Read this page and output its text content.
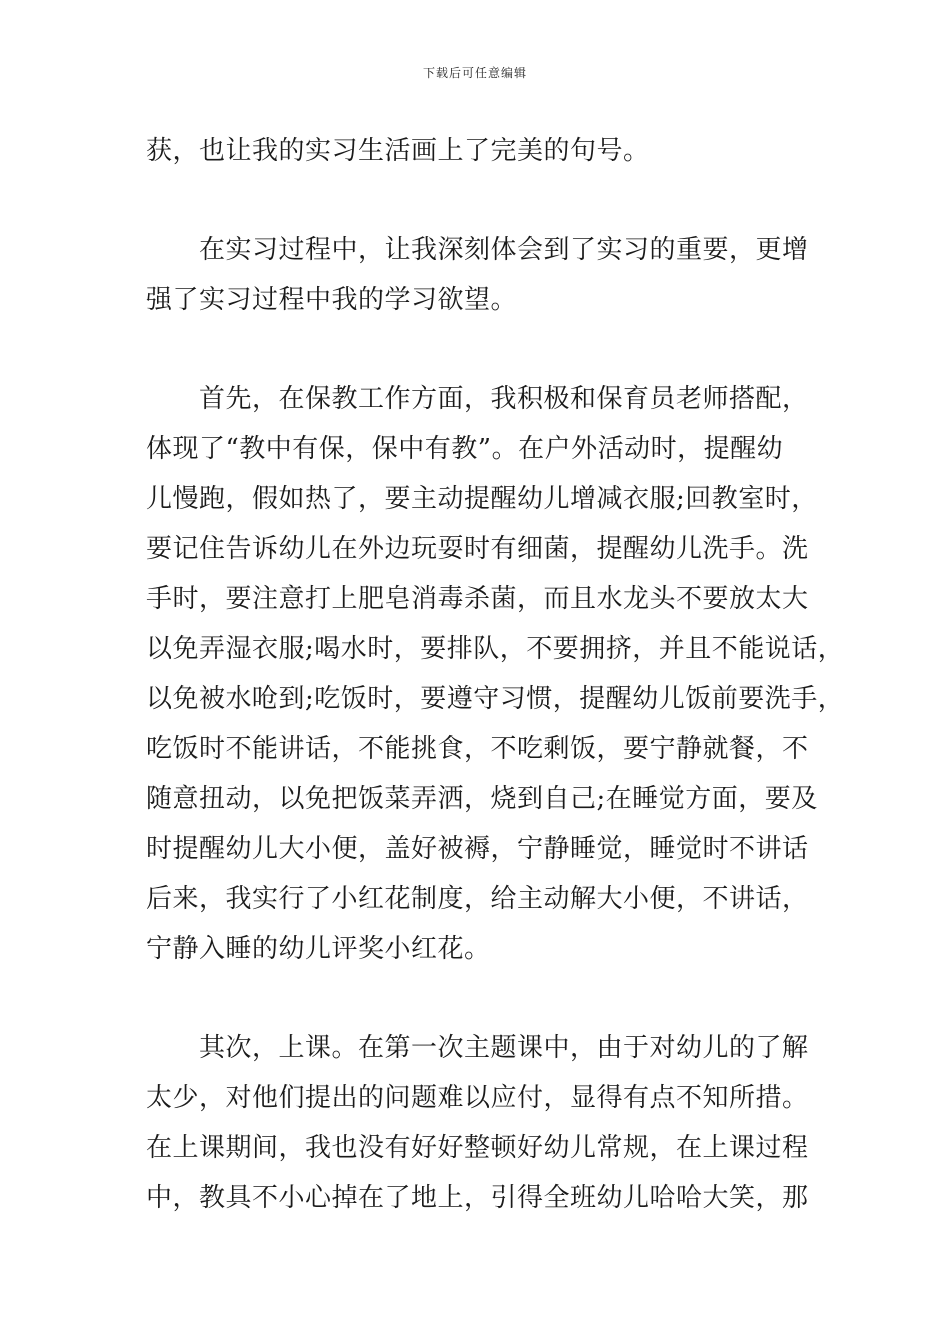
下载后可任意编辑
获，也让我的实习生活画上了完美的句号。
在实习过程中，让我深刻体会到了实习的重要，更增
强了实习过程中我的学习欲望。
首先，在保教工作方面，我积极和保育员老师搭配，
体现了“教中有保，保中有教”。在户外活动时，提醒幼
儿慢跑，假如热了，要主动提醒幼儿增减衣服;回教室时，
要记住告诉幼儿在外边玩耍时有细菌，提醒幼儿洗手。洗
手时，要注意打上肥皂消毒杀菌，而且水龙头不要放太大
以免弄湿衣服;喝水时，要排队，不要拥挤，并且不能说话，
以免被水呛到;吃饭时，要遵守习惯，提醒幼儿饭前要洗手，
吃饭时不能讲话，不能挑食，不吃剩饭，要宁静就餐，不
随意扭动，以免把饭菜弄洒，烧到自己;在睡觉方面，要及
时提醒幼儿大小便，盖好被褥，宁静睡觉，睡觉时不讲话
后来，我实行了小红花制度，给主动解大小便，不讲话，
宁静入睡的幼儿评奖小红花。
其次，上课。在第一次主题课中，由于对幼儿的了解
太少，对他们提出的问题难以应付，显得有点不知所措。
在上课期间，我也没有好好整顿好幼儿常规，在上课过程
中，教具不小心掉在了地上，引得全班幼儿哈哈大笑，那
